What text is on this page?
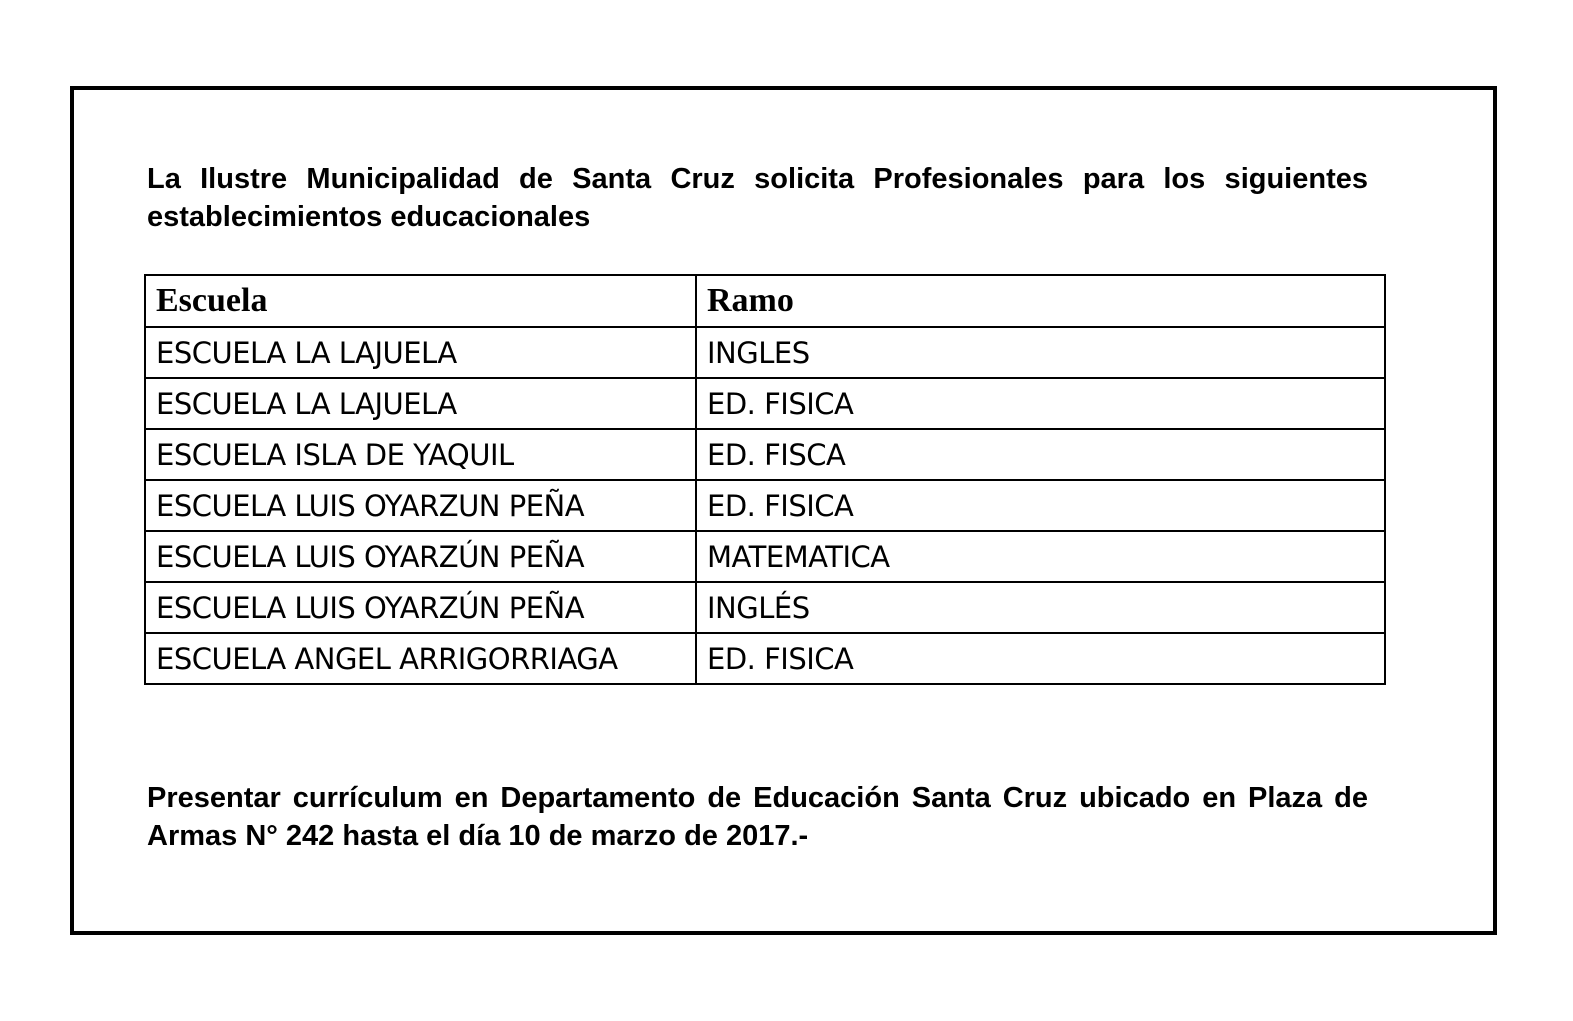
La Ilustre Municipalidad de Santa Cruz solicita Profesionales para los siguientes establecimientos educacionales

Escuela	Ramo
ESCUELA LA LAJUELA	INGLES
ESCUELA LA LAJUELA	ED. FISICA
ESCUELA ISLA DE YAQUIL	ED. FISCA
ESCUELA LUIS OYARZUN PEÑA	ED. FISICA
ESCUELA LUIS OYARZÚN PEÑA	MATEMATICA
ESCUELA LUIS OYARZÚN PEÑA	INGLÉS
ESCUELA ANGEL ARRIGORRIAGA	ED. FISICA

Presentar currículum en Departamento de Educación Santa Cruz ubicado en Plaza de Armas N° 242 hasta el día 10 de marzo de 2017.-
